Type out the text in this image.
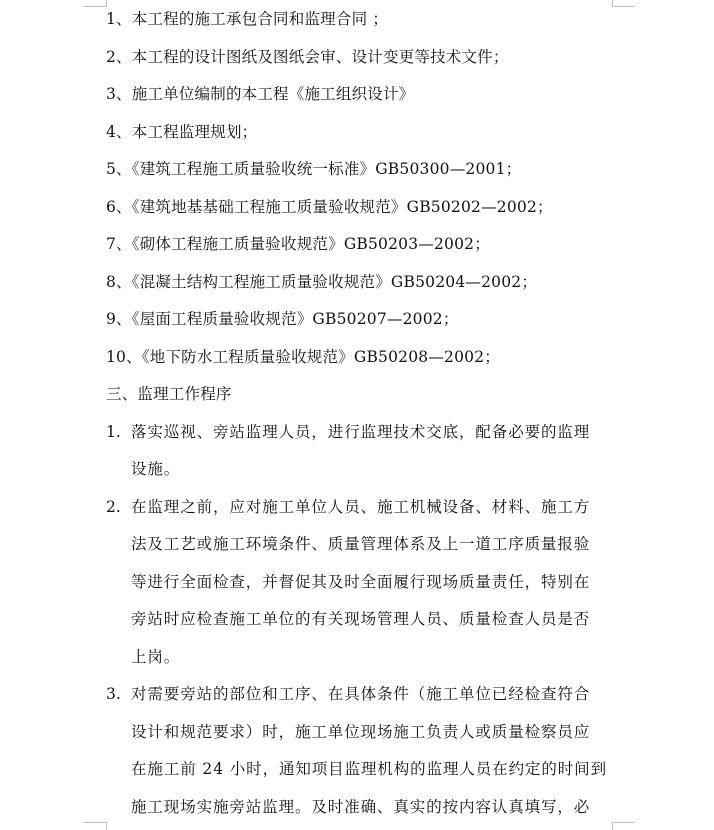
1、本工程的施工承包合同和监理合同 ；
2、本工程的设计图纸及图纸会审、设计变更等技术文件；
3、施工单位编制的本工程《施工组织设计》
4、本工程监理规划；
5、《建筑工程施工质量验收统一标准》GB50300—2001；
6、《建筑地基基础工程施工质量验收规范》GB50202—2002；
7、《砌体工程施工质量验收规范》GB50203—2002；
8、《混凝土结构工程施工质量验收规范》GB50204—2002；
9、《屋面工程质量验收规范》GB50207—2002；
10、《地下防水工程质量验收规范》GB50208—2002；
三、监理工作程序
1. 落实巡视、旁站监理人员，进行监理技术交底，配备必要的监理
设施。
2. 在监理之前，应对施工单位人员、施工机械设备、材料、施工方
法及工艺或施工环境条件、质量管理体系及上一道工序质量报验
等进行全面检查，并督促其及时全面履行现场质量责任，特别在
旁站时应检查施工单位的有关现场管理人员、质量检查人员是否
上岗。
3. 对需要旁站的部位和工序、在具体条件（施工单位已经检查符合
设计和规范要求）时，施工单位现场施工负责人或质量检察员应
在施工前 24 小时，通知项目监理机构的监理人员在约定的时间到
施工现场实施旁站监理。及时准确、真实的按内容认真填写，必
